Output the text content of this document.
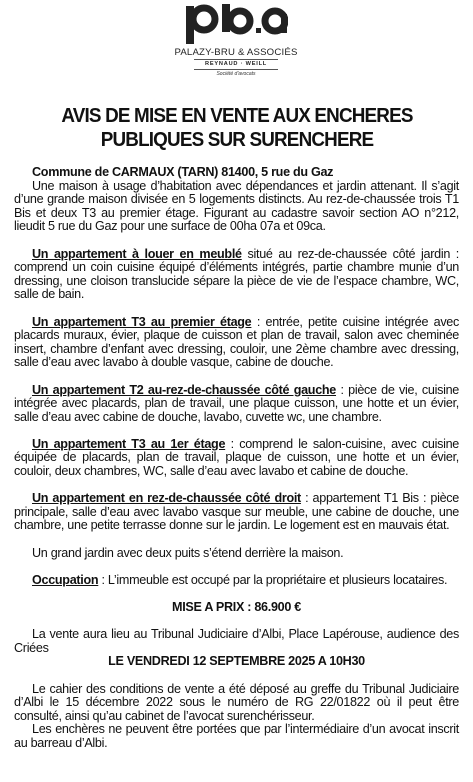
PALAZY-BRU & ASSOCIÉS
REYNAUD · WEILL
Société d'avocats
AVIS DE MISE EN VENTE AUX ENCHERES PUBLIQUES SUR SURENCHERE
Commune de CARMAUX (TARN) 81400, 5 rue du Gaz

Une maison à usage d’habitation avec dépendances et jardin attenant. Il s’agit d’une grande maison divisée en 5 logements distincts. Au rez-de-chaussée trois T1 Bis et deux T3 au premier étage. Figurant au cadastre savoir section AO n°212, lieudit 5 rue du Gaz pour une surface de 00ha 07a et 09ca.

Un appartement à louer en meublé situé au rez-de-chaussée côté jardin : comprend un coin cuisine équipé d’éléments intégrés, partie chambre munie d’un dressing, une cloison translucide sépare la pièce de vie de l’espace chambre, WC, salle de bain.

Un appartement T3 au premier étage : entrée, petite cuisine intégrée avec placards muraux, évier, plaque de cuisson et plan de travail, salon avec cheminée insert, chambre d’enfant avec dressing, couloir, une 2ème chambre avec dressing, salle d’eau avec lavabo à double vasque, cabine de douche.

Un appartement T2 au-rez-de-chaussée côté gauche : pièce de vie, cuisine intégrée avec placards, plan de travail, une plaque cuisson, une hotte et un évier, salle d’eau avec cabine de douche, lavabo, cuvette wc, une chambre.

Un appartement T3 au 1er étage : comprend le salon-cuisine, avec cuisine équipée de placards, plan de travail, plaque de cuisson, une hotte et un évier, couloir, deux chambres, WC, salle d’eau avec lavabo et cabine de douche.

Un appartement en rez-de-chaussée côté droit : appartement T1 Bis : pièce principale, salle d’eau avec lavabo vasque sur meuble, une cabine de douche, une chambre, une petite terrasse donne sur le jardin. Le logement est en mauvais état.

Un grand jardin avec deux puits s’étend derrière la maison.

Occupation : L’immeuble est occupé par la propriétaire et plusieurs locataires.

MISE A PRIX : 86.900 €

La vente aura lieu au Tribunal Judiciaire d’Albi, Place Lapérouse, audience des Criées

LE VENDREDI 12 SEPTEMBRE 2025 A 10H30

Le cahier des conditions de vente a été déposé au greffe du Tribunal Judiciaire d’Albi le 15 décembre 2022 sous le numéro de RG 22/01822 où il peut être consulté, ainsi qu’au cabinet de l’avocat surenchérisseur.

Les enchères ne peuvent être portées que par l’intermédiaire d’un avocat inscrit au barreau d’Albi.
